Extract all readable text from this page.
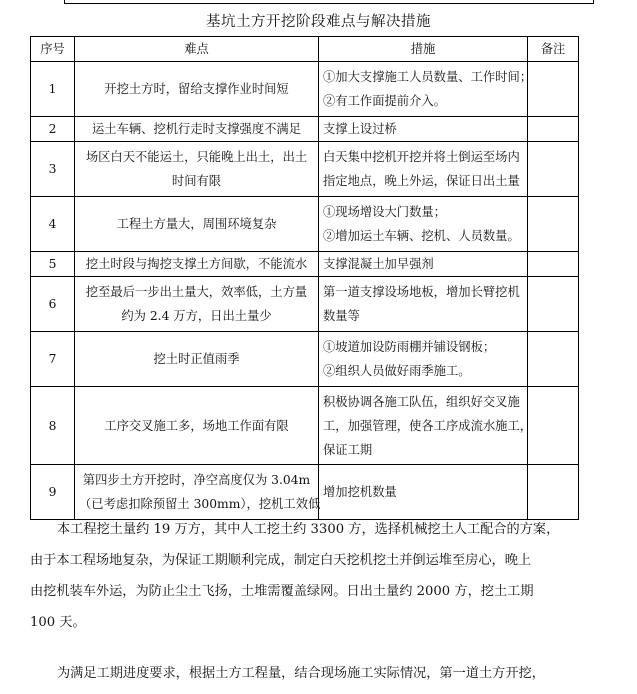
基坑土方开挖阶段难点与解决措施
序号	难点	措施	备注
1	开挖土方时，留给支撑作业时间短	①加大支撑施工人员数量、工作时间；
②有工作面提前介入。	

2	运土车辆、挖机行走时支撑强度不满足	支撑上设过桥	

3	场区白天不能运土，只能晚上出土，出土
时间有限	白天集中挖机开挖并将土倒运至场内
指定地点，晚上外运，保证日出土量	

4	工程土方量大，周围环境复杂	①现场增设大门数量；
②增加运土车辆、挖机、人员数量。	

5	挖土时段与掏挖支撑土方间歇，不能流水	支撑混凝土加早强剂	

6	挖至最后一步出土量大，效率低，土方量
约为 2.4 万方，日出土量少	第一道支撑设场地板，增加长臂挖机
数量等	

7	挖土时正值雨季	①坡道加设防雨棚并铺设钢板；
②组织人员做好雨季施工。	

8	工序交叉施工多，场地工作面有限	积极协调各施工队伍，组织好交叉施
工，加强管理，使各工序成流水施工，
保证工期	

9	第四步土方开挖时，净空高度仅为 3.04m
（已考虑扣除预留土 300mm），挖机工效低	增加挖机数量	

本工程挖土量约 19 万方，其中人工挖土约 3300 方，选择机械挖土人工配合的方案，
由于本工程场地复杂，为保证工期顺利完成，制定白天挖机挖土并倒运堆至房心，晚上
由挖机装车外运，为防止尘土飞扬，土堆需覆盖绿网。日出土量约 2000 方，挖土工期
100 天。
为满足工期进度要求，根据土方工程量，结合现场施工实际情况，第一道土方开挖，
